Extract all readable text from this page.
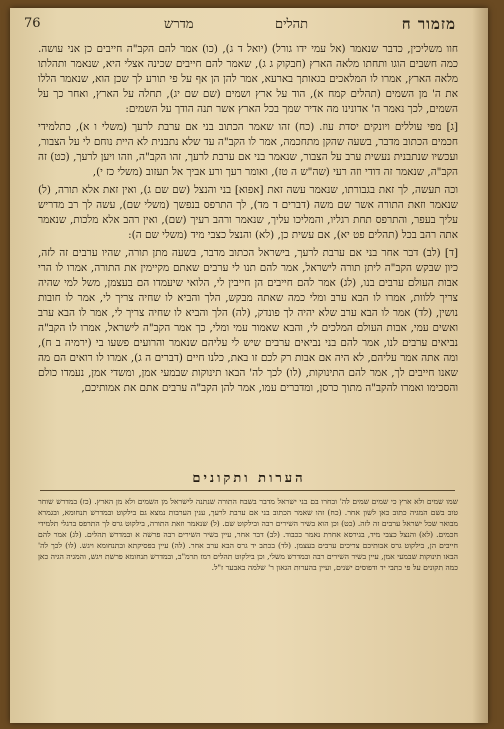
76	מדרש	מזמור ח
תהלים

חוו משליכין, כדבר שנאמר (אל עמי ידו גורל) (יואל ד ג), (כו) אמר להם הקב"ה חייבים כן אני עושה. כמה חשבים הוגו ותחתו מלאה הארץ (חבקוק ג ג), שאמר להם חייבים שכינה אצלי היא, שנאמר ותהלתו מלאה הארץ, אמרו לו המלאכים בגאותך בארעא, אמר להן הן אף על פי תורע לך שכן הוא, שנאמר הללו את ה' מן השמים (תהלים קמח א), הוד על ארץ ושמים (שם שם יג), תחלה על הארץ, ואחר כך על השמים, לכך נאמר ה' אדונינו מה אדיר שמך בכל הארץ אשר תנה הודך על השמים:

[ג] מפי עוללים ויונקים יסדת עוז. (כח) זהו שאמר הכתוב בני אם ערבת לרעך (משלי ו א), כתלמידי חכמים הכתוב מדבר, בשעה שהקן מתחכמה, אמר לו הקב"ה עד שלא נתבנית לא היית נוחם לי על הצבור, ועכשיו שנתבנית נעשית ערב על הצבור, שנאמר בני אם ערבת לרעך, זהו הקב"ה, וזהו ויען לרעך, (כט) זה הקב"ה, שנאמר זה דודי וזה רעי (שה"ש ה טז), ואומר רעך ורע אביך אל תעזוב (משלי כז י),

וכה תעשה, לך זאת בגבורתו, שנאמר עשה זאת [אפוא] בני והנצל (שם שם ג), ואין זאת אלא תורה, (ל) שנאמר וזאת התורה אשר שם משה (דברים ד מד), לך התרפס בנפשך (משלי שם), עשה לך רב מדריש עליך בעפר, והתרפס תחת רגליו, והמליכו עליך, שנאמר ורהב רעיך (שם), ואין רהב אלא מלכות, שנאמר אתה רהב בכל (תהלים פט יא), אם עשית כן, (לא) והנצל כצבי מיד (משלי שם ה):

[ד] (לב) דבר אחר בני אם ערבת לרעך, בישראל הכתוב מדבר, בשעה מתן תורה, שהיו ערבים זה לזה, כיון שבקש הקב"ה ליתן תורה לישראל, אמר להם תנו לי ערבים שאתם מקיימין את התורה, אמרו לו הרי אבות העולם ערבים בנו, (לג) אמר להם חייבים הן חייבין לי, הלואי שיעמדו הם בעצמן, משל למי שהיה צריך ללוות, אמרו לו הבא ערב ומלי כמה שאתה מבקש, הלך והביא לו שחיה צריך לי, אמר לו חובות נושין, (לד) אמר לו הבא ערב שלא יהיה לך פונדק, (לה) הלך והביא לו שחיה צריך לי, אמר לו הבא ערב ואשים עמי, אבות העולם המלכים לי, והבא שאמור עמי ומלי, כך אמר הקב"ה לישראל, אמרו לו הקב"ה נביאים ערבים לנו, אמר להם בני נביאים ערבים שיש לי עליהם שנאמר והרועים פשעו בי (ירמיה ב ח), ומה אתה אמר עליהם, לא היה אם אבות רק לכם זו באת, כלנו חיים (דברים ה ג), אמרו לו רואים הם מה שאנו חייבים לך, אמר להם התינוקות, (לו) לכך לה' הבאו תינוקות שבמעי אמן, ומשדי אמן, נעמדו כולם והסכימו ואמרו להקב"ה מתוך כרסן, ומדברים עמו, אמר להן הקב"ה ערבים אתם את אמותיכם,

הערות ותקונים

שמו שמים ולא ארץ כי שמים שמים לה' ובחרו בם בני ישראל מדבר בשבח התורה שנתנה לישראל מן השמים ולא מן הארץ. (כז) במדרש שוחר טוב בשם המגיה כתוב כאן לשון אחר. (כח) זהו שאמר הכתוב בני אם ערבת לרעך, ענין הערבות נמצא גם בילקוט ובמדרש תנחומא, ובגמרא מבואר שכל ישראל ערבים זה לזה. (כט) וכן הוא בשיר השירים רבה ובילקוט שם. (ל) שנאמר וזאת התורה, בילקוט גרס לך התרפס ברגלי תלמידי חכמים. (לא) והנצל כצבי מיד, בגירסא אחרת נאמר ככבוד. (לב) דבר אחר, עיין בשיר השירים רבה פרשה א ובמדרש תהלים. (לג) אמר להם חייבים הן, בילקוט גרס אבותיכם צריכים ערבים בעצמן. (לד) בכתב יד גרס הבא ערב אחר. (לה) עיין בפסיקתא ובתנחומא ויגש. (לו) לכך לה' הבאו תינוקות שבמעי אמן, עיין בשיר השירים רבה ובמדרש משלי, וכן בילקוט תהלים רמז תרמ"ב, ובמדרש תנחומא פרשת ויגש, והמגיה הגיה כאן כמה תקונים על פי כתבי יד ודפוסים ישנים, ועיין בהערות הגאון ר' שלמה באבער ז"ל.
